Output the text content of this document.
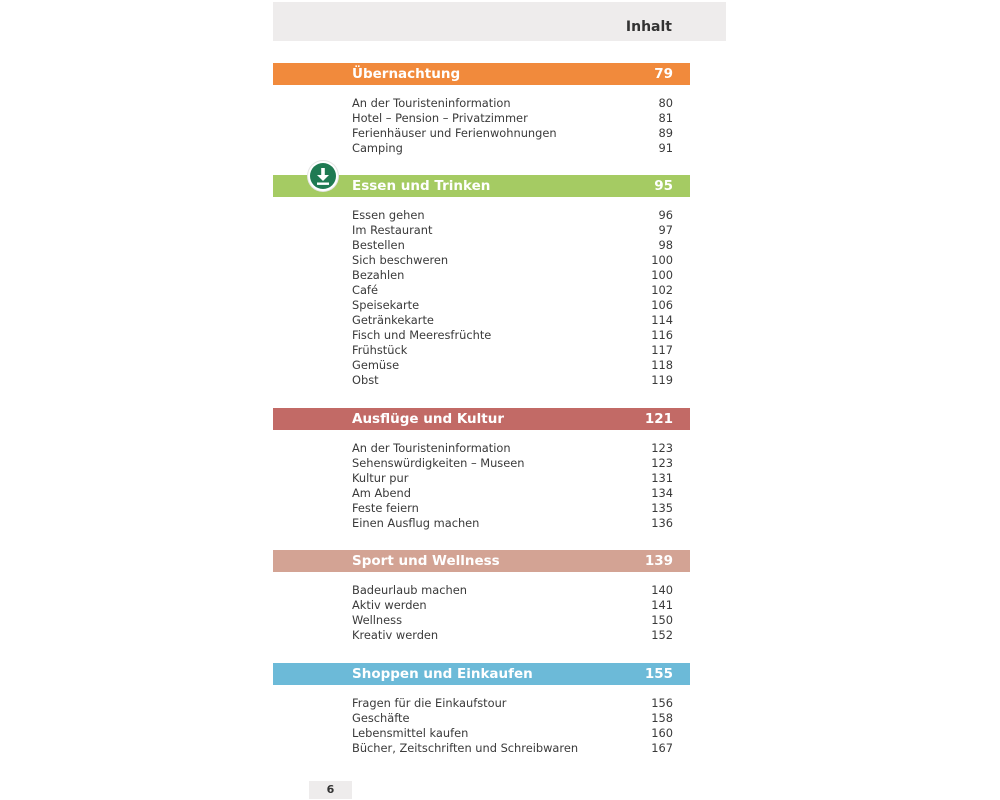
Inhalt
Übernachtung	79
An der Touristeninformation	80
Hotel – Pension – Privatzimmer	81
Ferienhäuser und Ferienwohnungen	89
Camping	91
Essen und Trinken	95
Essen gehen	96
Im Restaurant	97
Bestellen	98
Sich beschweren	100
Bezahlen	100
Café	102
Speisekarte	106
Getränkekarte	114
Fisch und Meeresfrüchte	116
Frühstück	117
Gemüse	118
Obst	119
Ausflüge und Kultur	121
An der Touristeninformation	123
Sehenswürdigkeiten – Museen	123
Kultur pur	131
Am Abend	134
Feste feiern	135
Einen Ausflug machen	136
Sport und Wellness	139
Badeurlaub machen	140
Aktiv werden	141
Wellness	150
Kreativ werden	152
Shoppen und Einkaufen	155
Fragen für die Einkaufstour	156
Geschäfte	158
Lebensmittel kaufen	160
Bücher, Zeitschriften und Schreibwaren	167
6
